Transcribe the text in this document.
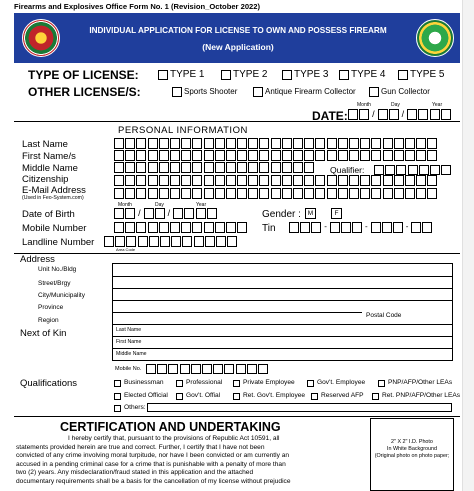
Firearms and Explosives Office Form No. 1 (Revision_October 2022)
INDIVIDUAL APPLICATION FOR LICENSE TO OWN AND POSSESS FIREARM
(New Application)
TYPE OF LICENSE:	TYPE 1	TYPE 2	TYPE 3 TYPE 4 TYPE 5
OTHER LICENSE/S:	Sports Shooter	Antique Firearm Collector	Gun Collector
Month	Day	Year
DATE:	/	/
PERSONAL INFORMATION
Last Name
First Name/s
Middle Name	Qualifier:
Citizenship
E-Mail Address
(Used in Feo-System.com)
Month	Day	Year
Date of Birth	/	/	Gender :	M	F
Mobile Number	Tin	-	-	-
Landline Number
Area Code
Address
Unit No./Bldg
Street/Brgy
City/Municipality
Province
Region
Postal Code
Next of Kin	Last Name
First Name
Middle Name
Mobile No.
Qualifications	Businessman	Professional	Private Employee	Gov't. Employee	PNP/AFP/Other LEAs
Elected Official	Gov't. Offial	Ret. Gov't. Employee Reserved AFP	Ret. PNP/AFP/Other LEAs
Others:
CERTIFICATION AND UNDERTAKING
I hereby certify that, pursuant to the provisions of Republic Act 10591, all
statements provided herein are true and correct. Further, I certify that I have not been
convicted of any crime involving moral turpitude, nor have I been convicted or am currently an
accused in a pending criminal case for a crime that is punishable with a penalty of more than
two (2) years. Any misdeclaration/fraud stated in this application and the attached
documentary requirements shall be a basis for the cancellation of my license without prejudice
2" X 2" I.D. Photo
In White Background
(Original photo on photo paper;
